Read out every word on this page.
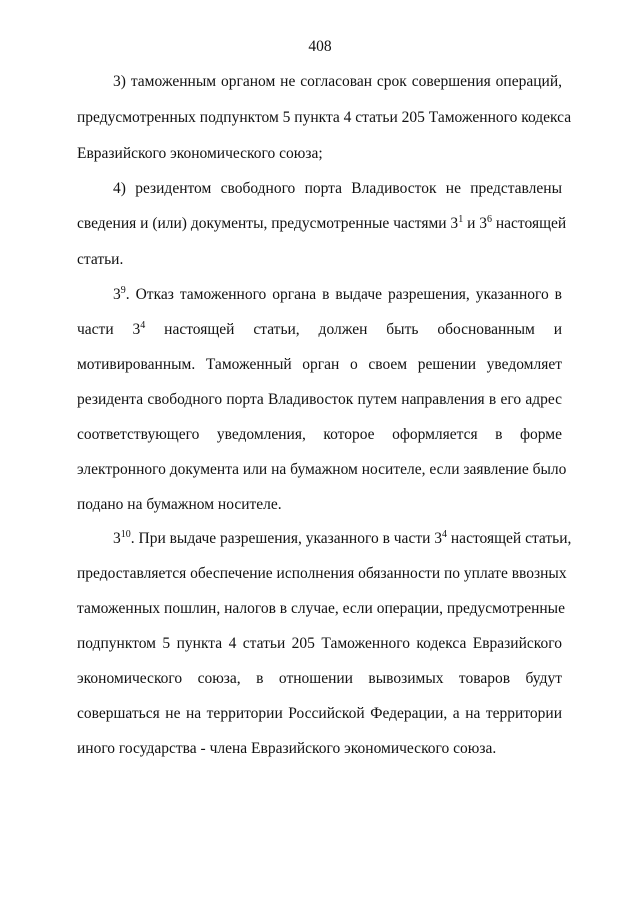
408
3) таможенным органом не согласован срок совершения операций,
предусмотренных подпунктом 5 пункта 4 статьи 205 Таможенного кодекса
Евразийского экономического союза;
4) резидентом свободного порта Владивосток не представлены
сведения и (или) документы, предусмотренные частями $3^1$ и $3^6$ настоящей
статьи.
$3^9$. Отказ таможенного органа в выдаче разрешения, указанного в
части $3^4$ настоящей статьи, должен быть обоснованным и
мотивированным. Таможенный орган о своем решении уведомляет
резидента свободного порта Владивосток путем направления в его адрес
соответствующего уведомления, которое оформляется в форме
электронного документа или на бумажном носителе, если заявление было
подано на бумажном носителе.
$3^{10}$. При выдаче разрешения, указанного в части $3^4$ настоящей статьи,
предоставляется обеспечение исполнения обязанности по уплате ввозных
таможенных пошлин, налогов в случае, если операции, предусмотренные
подпунктом 5 пункта 4 статьи 205 Таможенного кодекса Евразийского
экономического союза, в отношении вывозимых товаров будут
совершаться не на территории Российской Федерации, а на территории
иного государства - члена Евразийского экономического союза.
